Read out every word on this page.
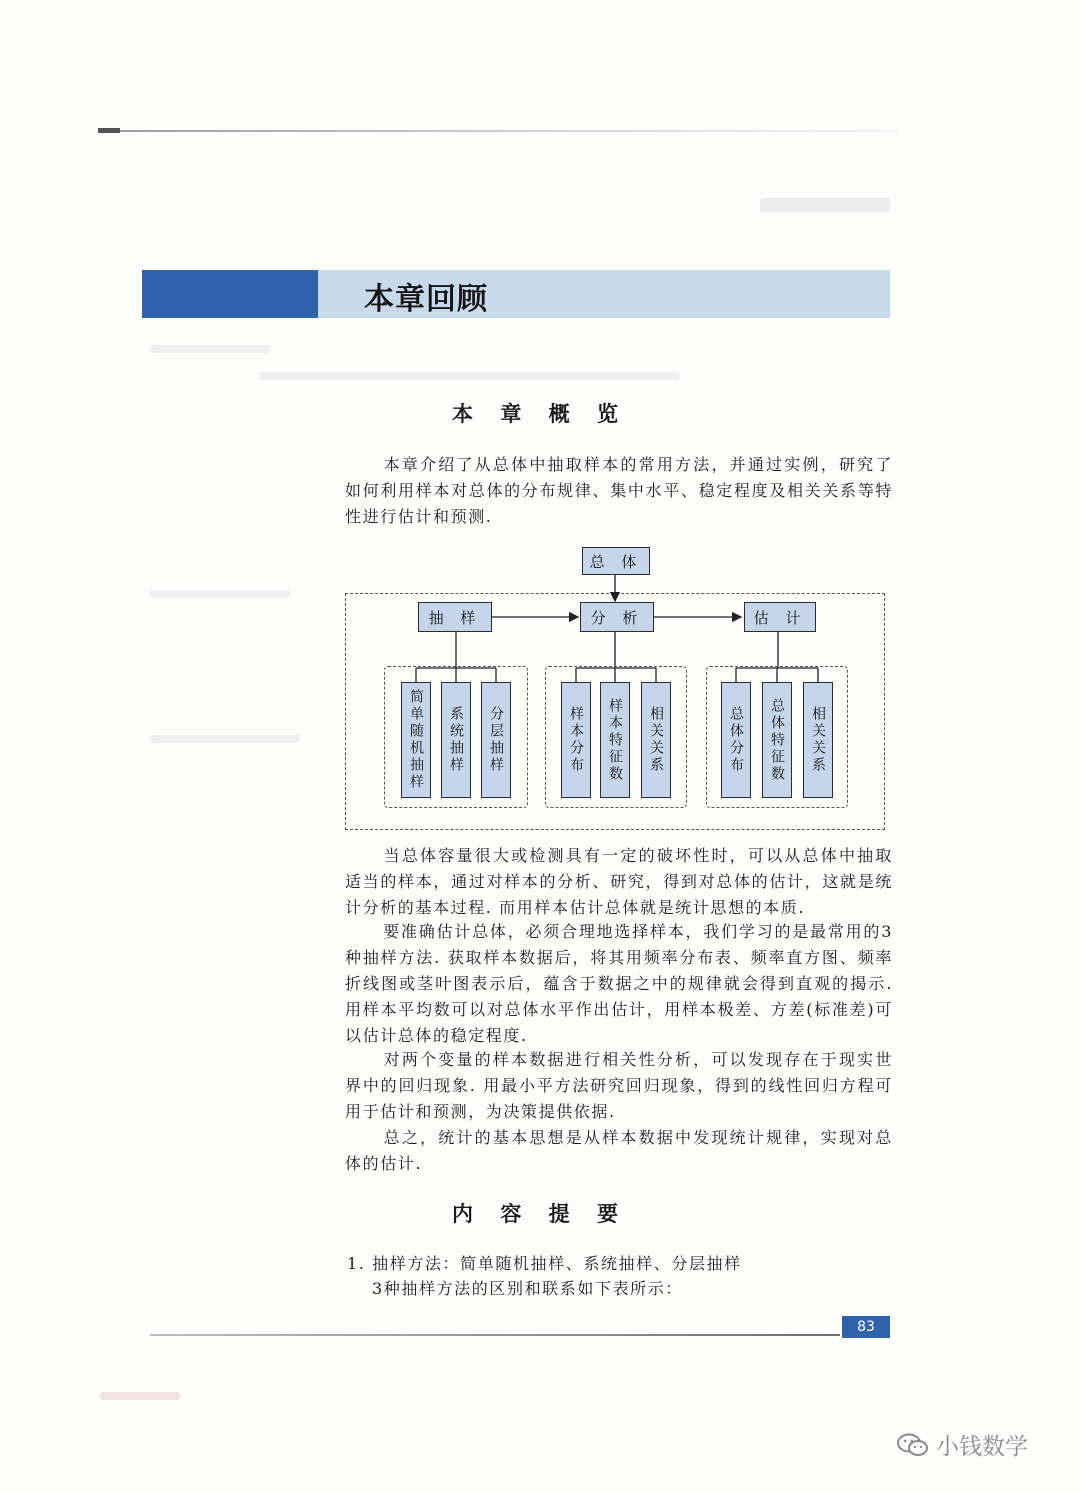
本章回顾
本 章 概 览

本章介绍了从总体中抽取样本的常用方法，并通过实例，研究了如何利用样本对总体的分布规律、集中水平、稳定程度及相关关系等特性进行估计和预测.

总 体
抽 样	分 析	估 计
简单随机抽样	系统抽样	分层抽样	样本分布	样本特征数	相关关系	总体分布	总体特征数	相关关系

当总体容量很大或检测具有一定的破坏性时，可以从总体中抽取适当的样本，通过对样本的分析、研究，得到对总体的估计，这就是统计分析的基本过程. 而用样本估计总体就是统计思想的本质.

要准确估计总体，必须合理地选择样本，我们学习的是最常用的3种抽样方法. 获取样本数据后，将其用频率分布表、频率直方图、频率折线图或茎叶图表示后，蕴含于数据之中的规律就会得到直观的揭示. 用样本平均数可以对总体水平作出估计，用样本极差、方差(标准差)可以估计总体的稳定程度.

对两个变量的样本数据进行相关性分析，可以发现存在于现实世界中的回归现象. 用最小平方法研究回归现象，得到的线性回归方程可用于估计和预测，为决策提供依据.

总之，统计的基本思想是从样本数据中发现统计规律，实现对总体的估计.

内 容 提 要
1. 抽样方法：简单随机抽样、系统抽样、分层抽样
3种抽样方法的区别和联系如下表所示：
83
小钱数学
